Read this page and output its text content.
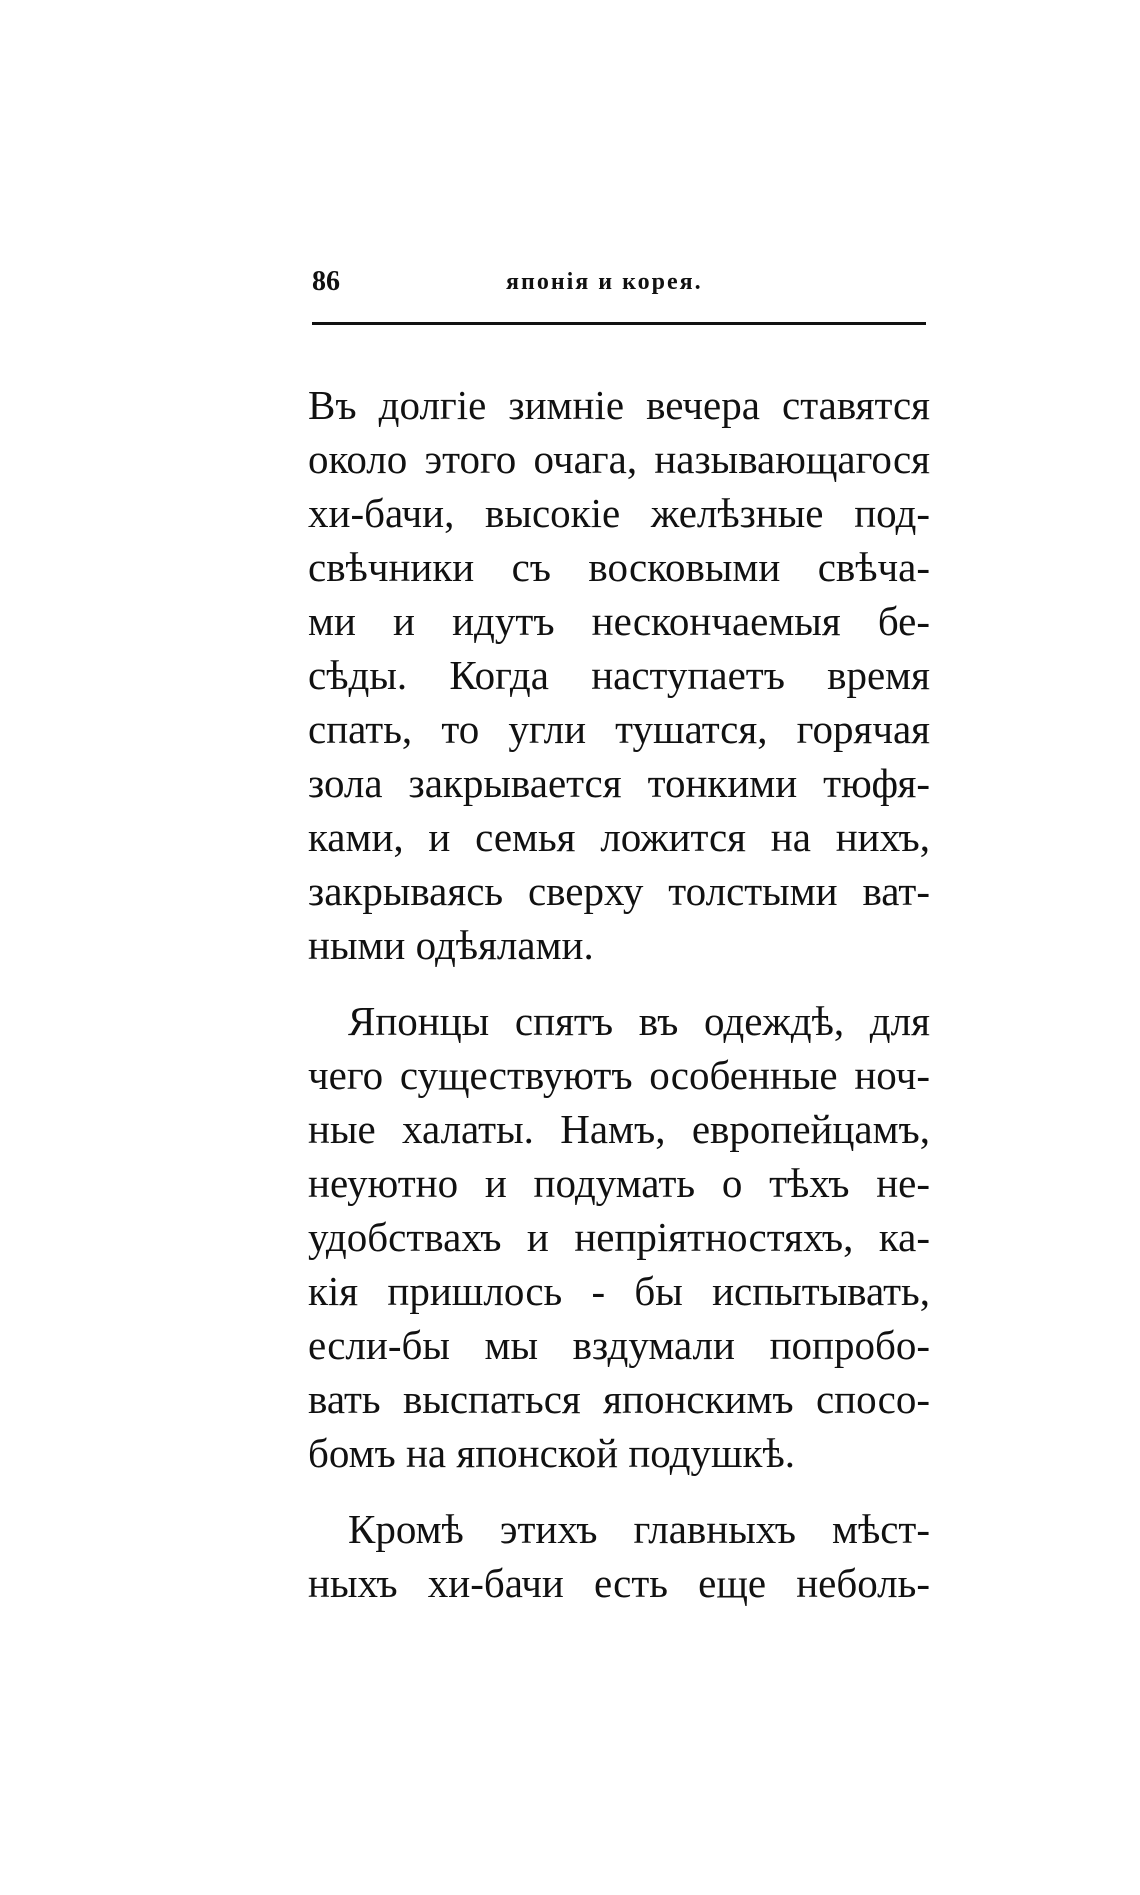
86	японія и корея.
Въ долгіе зимніе вечера ставятся
около этого очага, называющагося
хи-бачи, высокіе желѣзные под-
свѣчники съ восковыми свѣча-
ми и идутъ нескончаемыя бе-
сѣды. Когда наступаетъ время
спать, то угли тушатся, горячая
зола закрывается тонкими тюфя-
ками, и семья ложится на нихъ,
закрываясь сверху толстыми ват-
ными одѣялами.
Японцы спятъ въ одеждѣ, для
чего существуютъ особенные ноч-
ные халаты. Намъ, европейцамъ,
неуютно и подумать о тѣхъ не-
удобствахъ и непріятностяхъ, ка-
кія пришлось - бы испытывать,
если-бы мы вздумали попробо-
вать выспаться японскимъ спосо-
бомъ на японской подушкѣ.
Кромѣ этихъ главныхъ мѣст-
ныхъ хи-бачи есть еще неболь-
